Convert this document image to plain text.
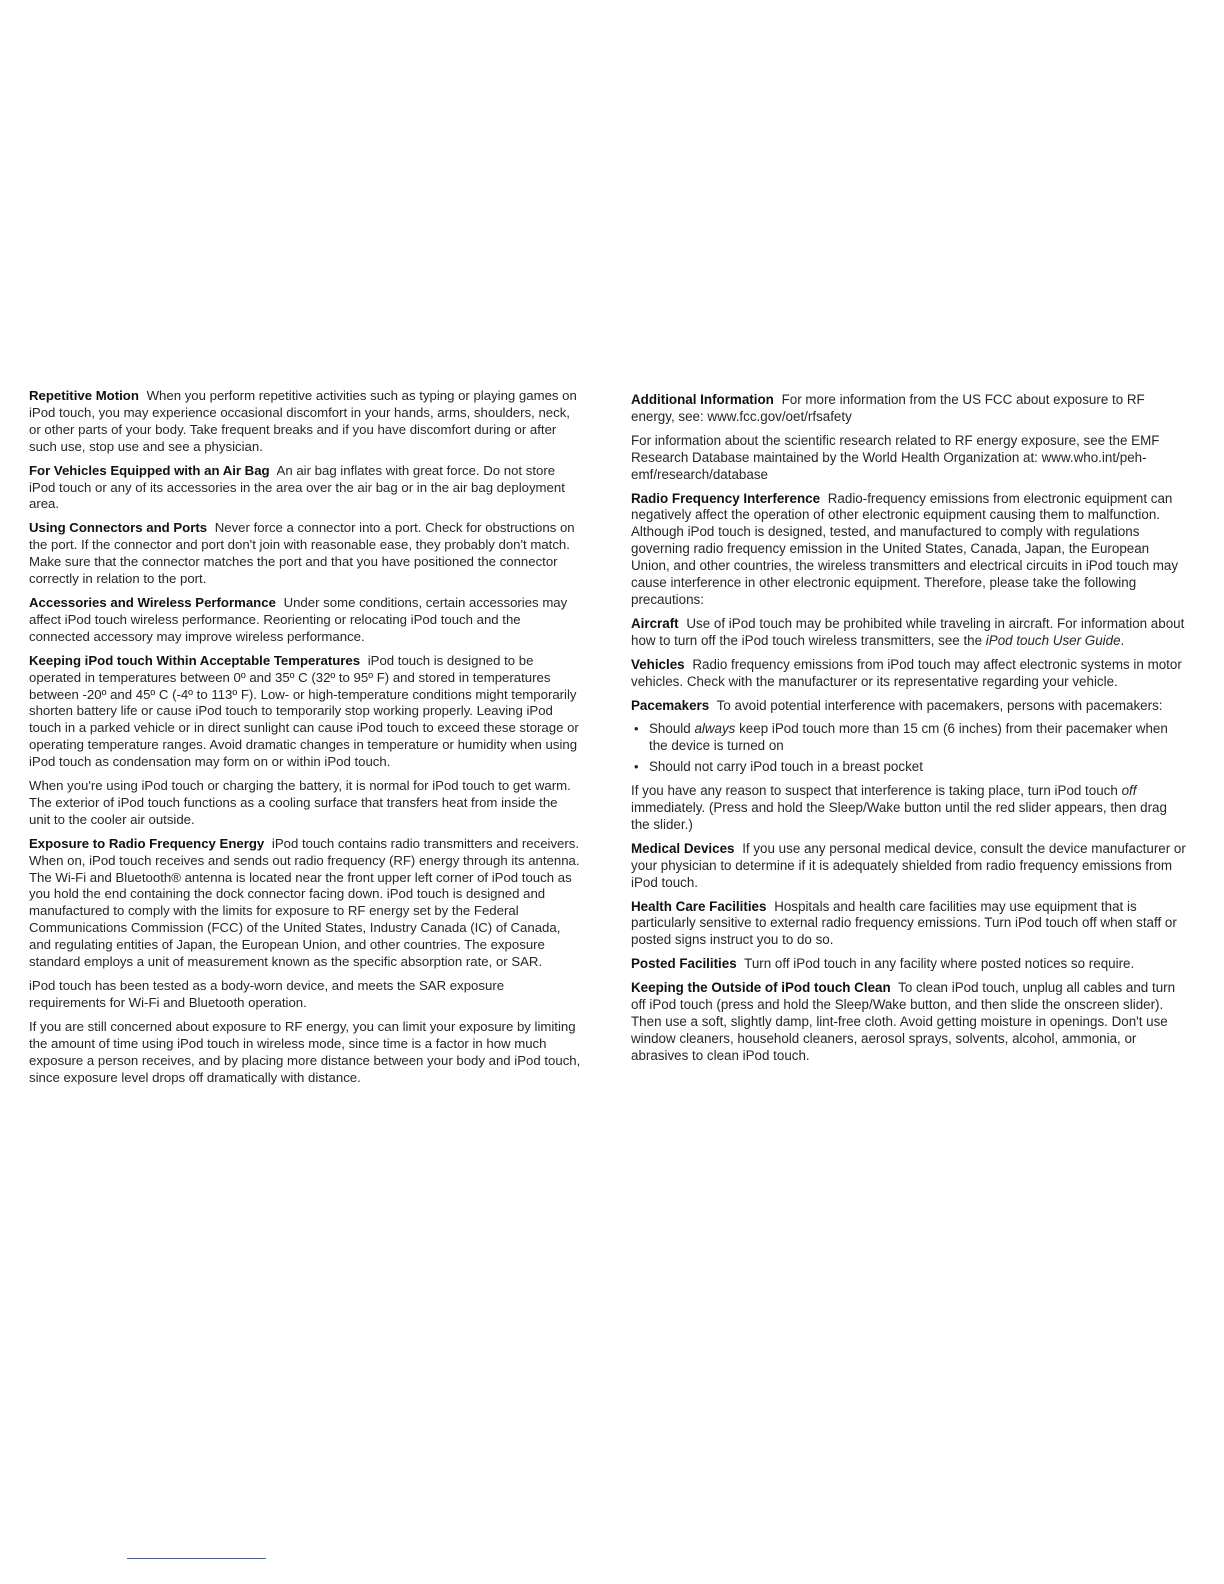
Repetitive Motion When you perform repetitive activities such as typing or playing games on iPod touch, you may experience occasional discomfort in your hands, arms, shoulders, neck, or other parts of your body. Take frequent breaks and if you have discomfort during or after such use, stop use and see a physician.

For Vehicles Equipped with an Air Bag An air bag inflates with great force. Do not store iPod touch or any of its accessories in the area over the air bag or in the air bag deployment area.

Using Connectors and Ports Never force a connector into a port. Check for obstructions on the port. If the connector and port don't join with reasonable ease, they probably don't match. Make sure that the connector matches the port and that you have positioned the connector correctly in relation to the port.

Accessories and Wireless Performance Under some conditions, certain accessories may affect iPod touch wireless performance. Reorienting or relocating iPod touch and the connected accessory may improve wireless performance.

Keeping iPod touch Within Acceptable Temperatures iPod touch is designed to be operated in temperatures between 0º and 35º C (32º to 95º F) and stored in temperatures between -20º and 45º C (-4º to 113º F). Low- or high-temperature conditions might temporarily shorten battery life or cause iPod touch to temporarily stop working properly. Leaving iPod touch in a parked vehicle or in direct sunlight can cause iPod touch to exceed these storage or operating temperature ranges. Avoid dramatic changes in temperature or humidity when using iPod touch as condensation may form on or within iPod touch.

When you're using iPod touch or charging the battery, it is normal for iPod touch to get warm. The exterior of iPod touch functions as a cooling surface that transfers heat from inside the unit to the cooler air outside.

Exposure to Radio Frequency Energy iPod touch contains radio transmitters and receivers. When on, iPod touch receives and sends out radio frequency (RF) energy through its antenna. The Wi-Fi and Bluetooth® antenna is located near the front upper left corner of iPod touch as you hold the end containing the dock connector facing down. iPod touch is designed and manufactured to comply with the limits for exposure to RF energy set by the Federal Communications Commission (FCC) of the United States, Industry Canada (IC) of Canada, and regulating entities of Japan, the European Union, and other countries. The exposure standard employs a unit of measurement known as the specific absorption rate, or SAR.

iPod touch has been tested as a body-worn device, and meets the SAR exposure requirements for Wi-Fi and Bluetooth operation.

If you are still concerned about exposure to RF energy, you can limit your exposure by limiting the amount of time using iPod touch in wireless mode, since time is a factor in how much exposure a person receives, and by placing more distance between your body and iPod touch, since exposure level drops off dramatically with distance.

Additional Information For more information from the US FCC about exposure to RF energy, see: www.fcc.gov/oet/rfsafety

For information about the scientific research related to RF energy exposure, see the EMF Research Database maintained by the World Health Organization at: www.who.int/peh-emf/research/database

Radio Frequency Interference Radio-frequency emissions from electronic equipment can negatively affect the operation of other electronic equipment causing them to malfunction. Although iPod touch is designed, tested, and manufactured to comply with regulations governing radio frequency emission in the United States, Canada, Japan, the European Union, and other countries, the wireless transmitters and electrical circuits in iPod touch may cause interference in other electronic equipment. Therefore, please take the following precautions:

Aircraft Use of iPod touch may be prohibited while traveling in aircraft. For information about how to turn off the iPod touch wireless transmitters, see the iPod touch User Guide.

Vehicles Radio frequency emissions from iPod touch may affect electronic systems in motor vehicles. Check with the manufacturer or its representative regarding your vehicle.

Pacemakers To avoid potential interference with pacemakers, persons with pacemakers:

• Should always keep iPod touch more than 15 cm (6 inches) from their pacemaker when the device is turned on
• Should not carry iPod touch in a breast pocket

If you have any reason to suspect that interference is taking place, turn iPod touch off immediately. (Press and hold the Sleep/Wake button until the red slider appears, then drag the slider.)

Medical Devices If you use any personal medical device, consult the device manufacturer or your physician to determine if it is adequately shielded from radio frequency emissions from iPod touch.

Health Care Facilities Hospitals and health care facilities may use equipment that is particularly sensitive to external radio frequency emissions. Turn iPod touch off when staff or posted signs instruct you to do so.

Posted Facilities Turn off iPod touch in any facility where posted notices so require.

Keeping the Outside of iPod touch Clean To clean iPod touch, unplug all cables and turn off iPod touch (press and hold the Sleep/Wake button, and then slide the onscreen slider). Then use a soft, slightly damp, lint-free cloth. Avoid getting moisture in openings. Don't use window cleaners, household cleaners, aerosol sprays, solvents, alcohol, ammonia, or abrasives to clean iPod touch.
